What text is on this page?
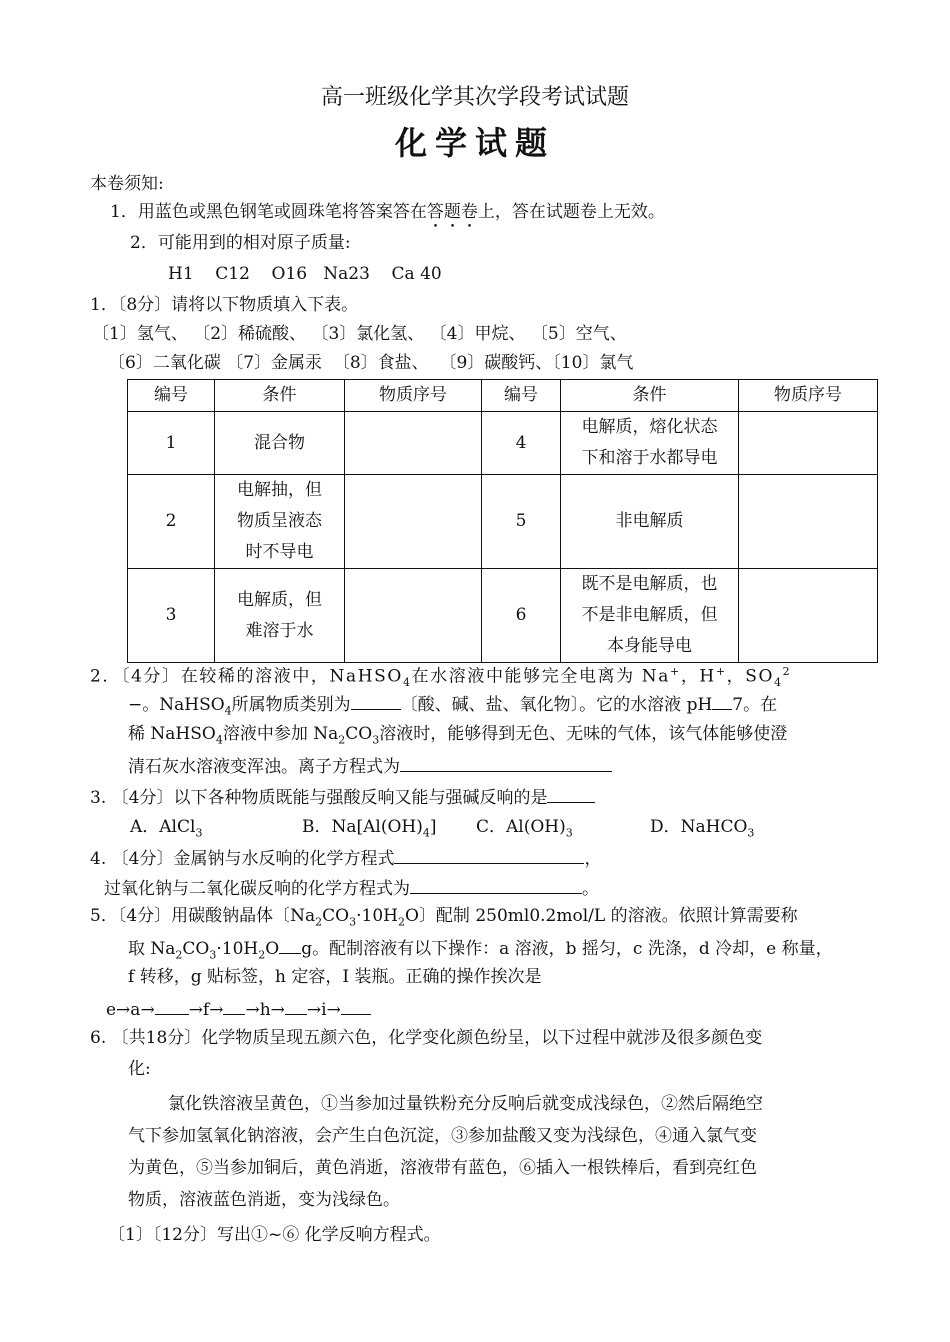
高一班级化学其次学段考试试题
化学试题
本卷须知:
1．用蓝色或黑色钢笔或圆珠笔将答案答在答题卷上，答在试题卷上无效。
2．可能用到的相对原子质量:
H1    C12    O16   Na23    Ca 40
1．〔8分〕请将以下物质填入下表。
〔1〕氢气、 〔2〕稀硫酸、 〔3〕氯化氢、 〔4〕甲烷、 〔5〕空气、
〔6〕二氧化碳 〔7〕金属汞  〔8〕食盐、  〔9〕碳酸钙、〔10〕氯气
编号	条件	物质序号	编号	条件	物质序号
1	混合物		4	电解质，熔化状态
下和溶于水都导电	
2	电解抽，但
物质呈液态
时不导电		5	非电解质	
3	电解质，但
难溶于水		6	既不是电解质，也
不是非电解质，但
本身能导电	
2．〔4分〕在较稀的溶液中，NaHSO$_4$在水溶液中能够完全电离为 Na+，H+，$SO_4^2$
−。NaHSO$_4$所属物质类别为	〔酸、碱、盐、氧化物〕。它的水溶液 pH 7。在
稀 NaHSO$_4$溶液中参加 $Na_2CO_3$溶液时，能够得到无色、无味的气体，该气体能够使澄
清石灰水溶液变浑浊。离子方程式为
3. 〔4分〕以下各种物质既能与强酸反响又能与强碱反响的是
A．AlCl$_3$	B．$Na[Al(OH)_4]$ C．$Al(OH)_3$	D．NaHCO$_3$
4. 〔4分〕金属钠与水反响的化学方程式	，
过氧化钠与二氧化碳反响的化学方程式为	。
5．〔4分〕用碳酸钠晶体〔$Na_2CO_3\cdot 10H_2O$〕配制 250ml0.2mol/L 的溶液。依照计算需要称
取 $Na_2CO_3\cdot 10H_2O$ g。配制溶液有以下操作：a 溶液，b 摇匀，c 洗涤，d 冷却，e 称量，
f 转移，g 贴标签，h 定容，I 装瓶。正确的操作挨次是
e→a→ →f→ →h→ →i→
6. 〔共18分〕化学物质呈现五颜六色，化学变化颜色纷呈，以下过程中就涉及很多颜色变
化:
氯化铁溶液呈黄色，①当参加过量铁粉充分反响后就变成浅绿色，②然后隔绝空
气下参加氢氧化钠溶液，会产生白色沉淀，③参加盐酸又变为浅绿色，④通入氯气变
为黄色，⑤当参加铜后，黄色消逝，溶液带有蓝色，⑥插入一根铁棒后，看到亮红色
物质，溶液蓝色消逝，变为浅绿色。
〔1〕〔12分〕写出①~⑥ 化学反响方程式。
